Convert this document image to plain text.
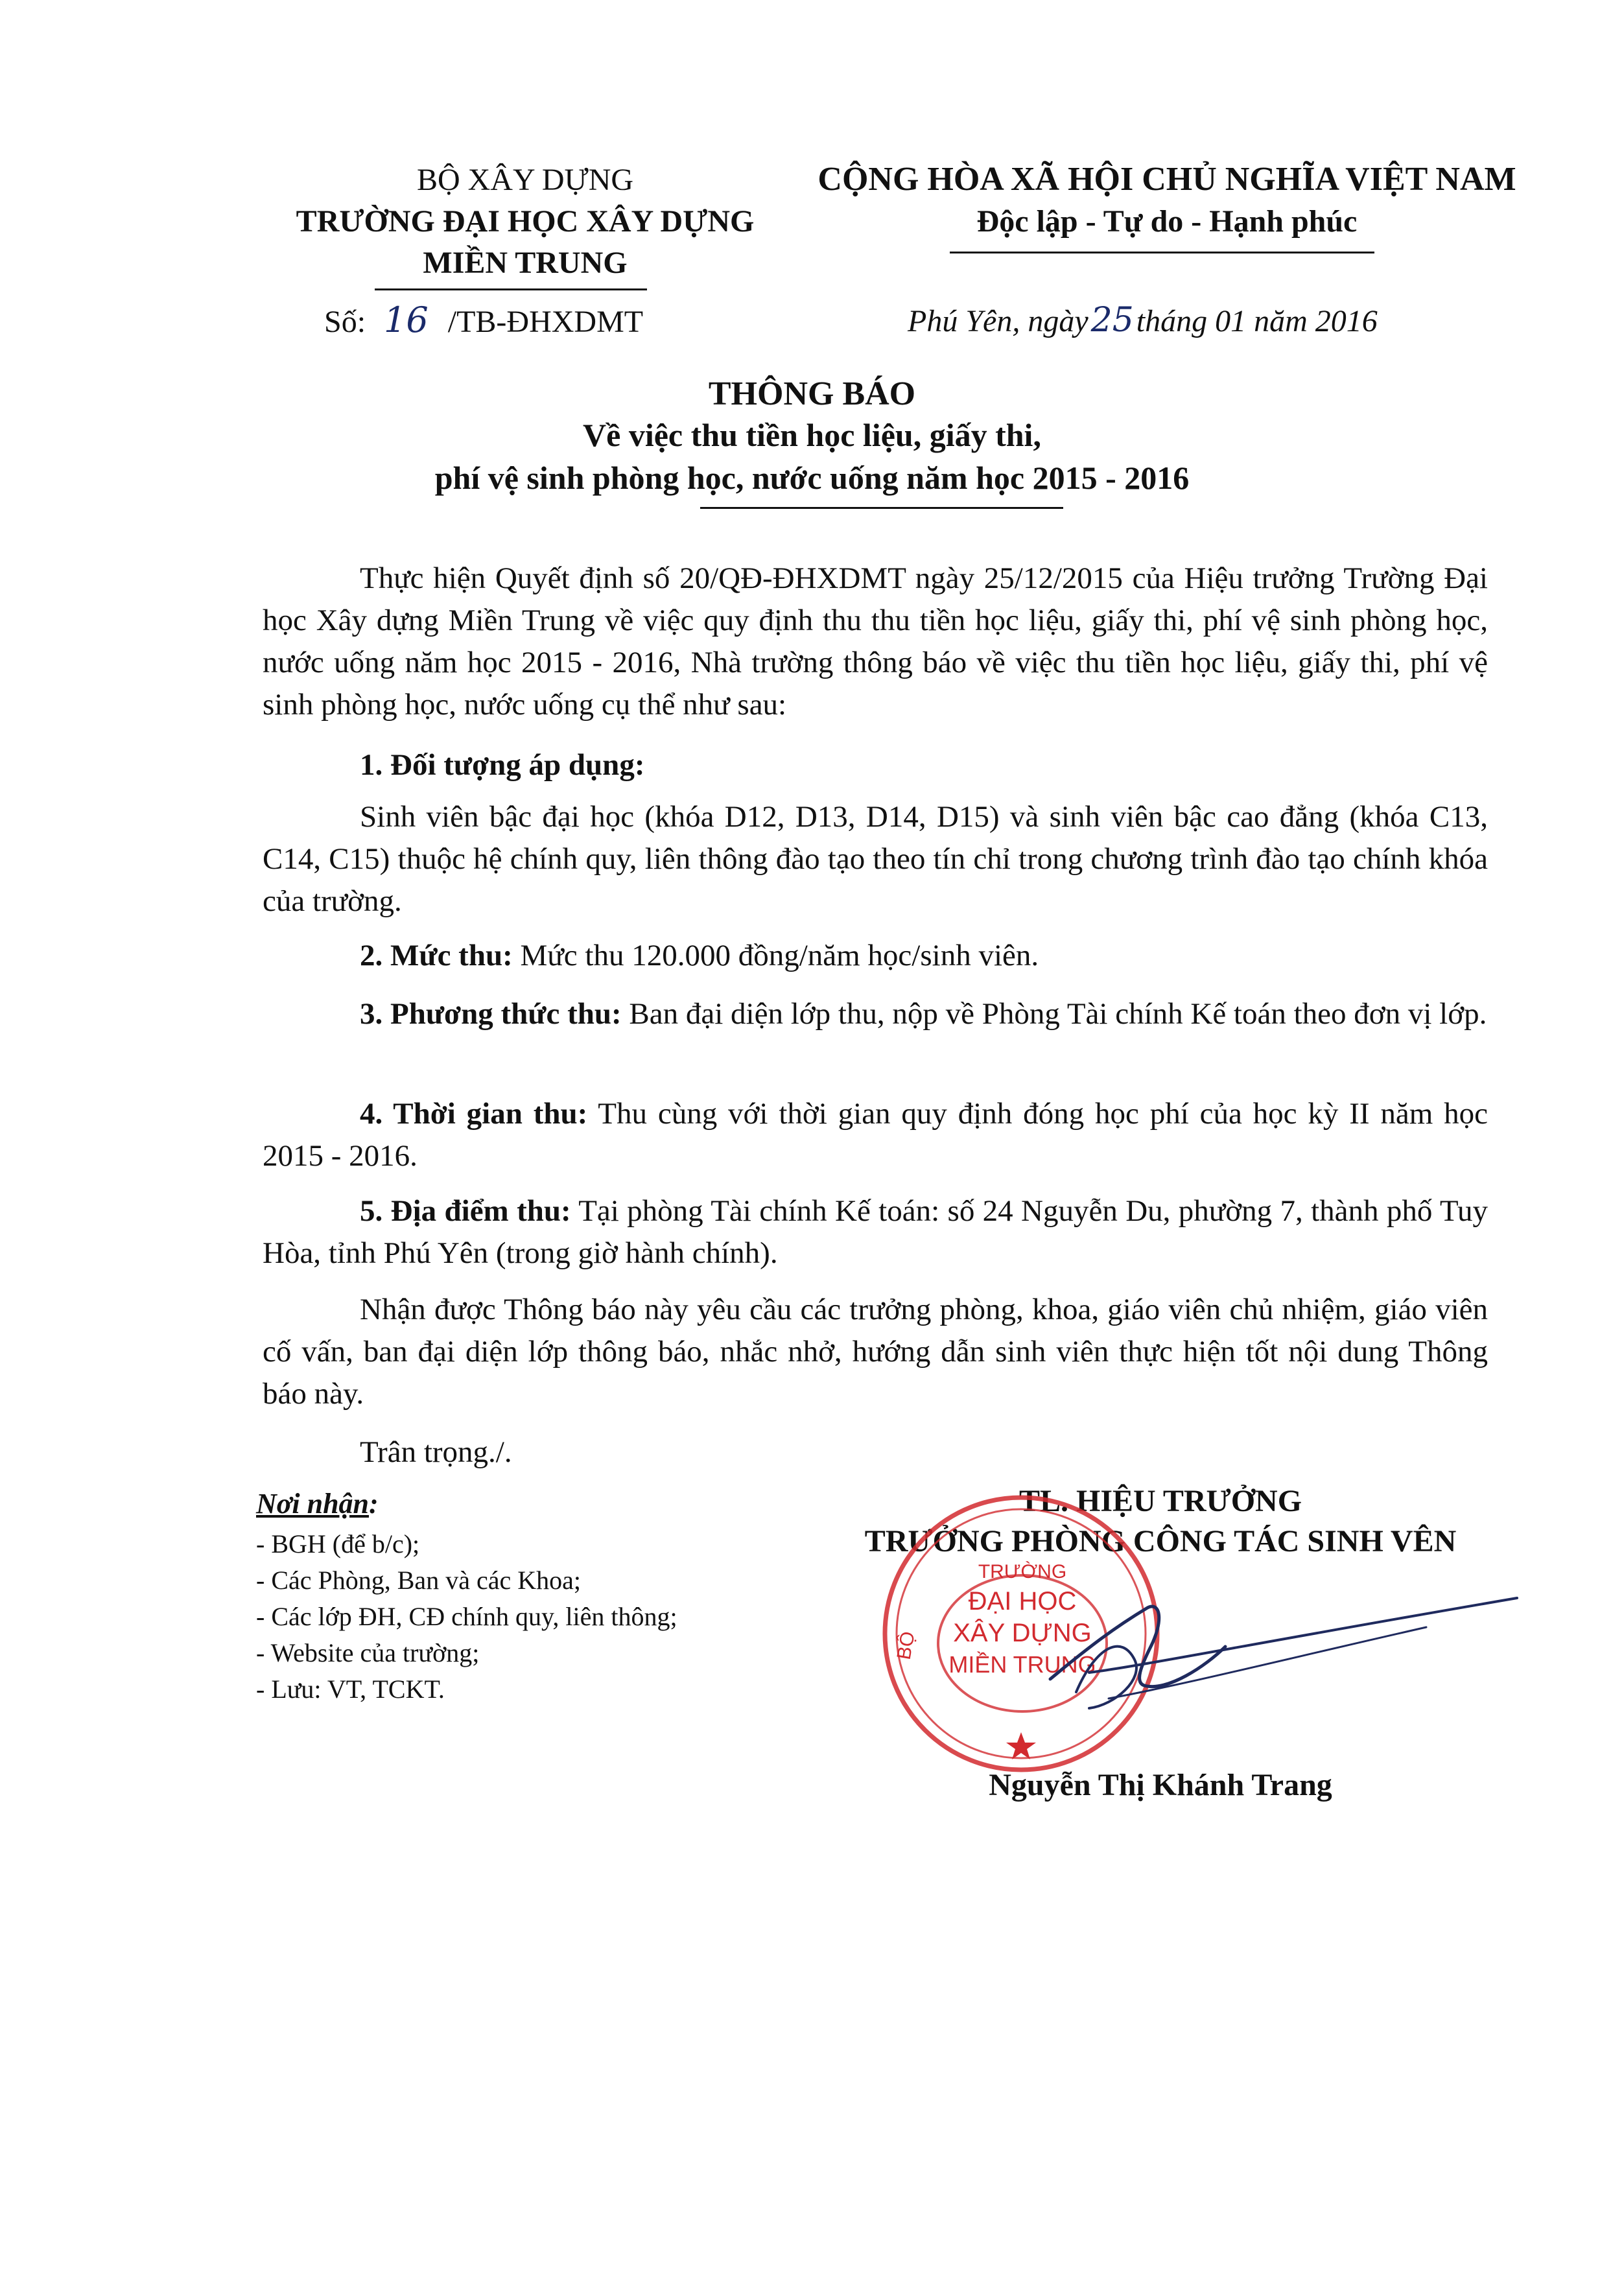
BỘ XÂY DỰNG
TRƯỜNG ĐẠI HỌC XÂY DỰNG
MIỀN TRUNG
Số: 16 /TB-ĐHXDMT
CỘNG HÒA XÃ HỘI CHỦ NGHĨA VIỆT NAM
Độc lập - Tự do - Hạnh phúc
Phú Yên, ngày25tháng 01 năm 2016
THÔNG BÁO
Về việc thu tiền học liệu, giấy thi,
phí vệ sinh phòng học, nước uống năm học 2015 - 2016
Thực hiện Quyết định số 20/QĐ-ĐHXDMT ngày 25/12/2015 của Hiệu trưởng Trường Đại học Xây dựng Miền Trung về việc quy định thu thu tiền học liệu, giấy thi, phí vệ sinh phòng học, nước uống năm học 2015 - 2016, Nhà trường thông báo về việc thu tiền học liệu, giấy thi, phí vệ sinh phòng học, nước uống cụ thể như sau:
1. Đối tượng áp dụng:
Sinh viên bậc đại học (khóa D12, D13, D14, D15) và sinh viên bậc cao đẳng (khóa C13, C14, C15) thuộc hệ chính quy, liên thông đào tạo theo tín chỉ trong chương trình đào tạo chính khóa của trường.
2. Mức thu: Mức thu 120.000 đồng/năm học/sinh viên.
3. Phương thức thu: Ban đại diện lớp thu, nộp về Phòng Tài chính Kế toán theo đơn vị lớp.
4. Thời gian thu: Thu cùng với thời gian quy định đóng học phí của học kỳ II năm học 2015 - 2016.
5. Địa điểm thu: Tại phòng Tài chính Kế toán: số 24 Nguyễn Du, phường 7, thành phố Tuy Hòa, tỉnh Phú Yên (trong giờ hành chính).
Nhận được Thông báo này yêu cầu các trưởng phòng, khoa, giáo viên chủ nhiệm, giáo viên cố vấn, ban đại diện lớp thông báo, nhắc nhở, hướng dẫn sinh viên thực hiện tốt nội dung Thông báo này.
Trân trọng./.
Nơi nhận:
- BGH (để b/c);
- Các Phòng, Ban và các Khoa;
- Các lớp ĐH, CĐ chính quy, liên thông;
- Website của trường;
- Lưu: VT, TCKT.
TL. HIỆU TRƯỞNG
TRƯỞNG PHÒNG CÔNG TÁC SINH VÊN
TRƯỜNG
ĐẠI HỌC
XÂY DỰNG
MIỀN TRUNG
BỘ
Nguyễn Thị Khánh Trang
